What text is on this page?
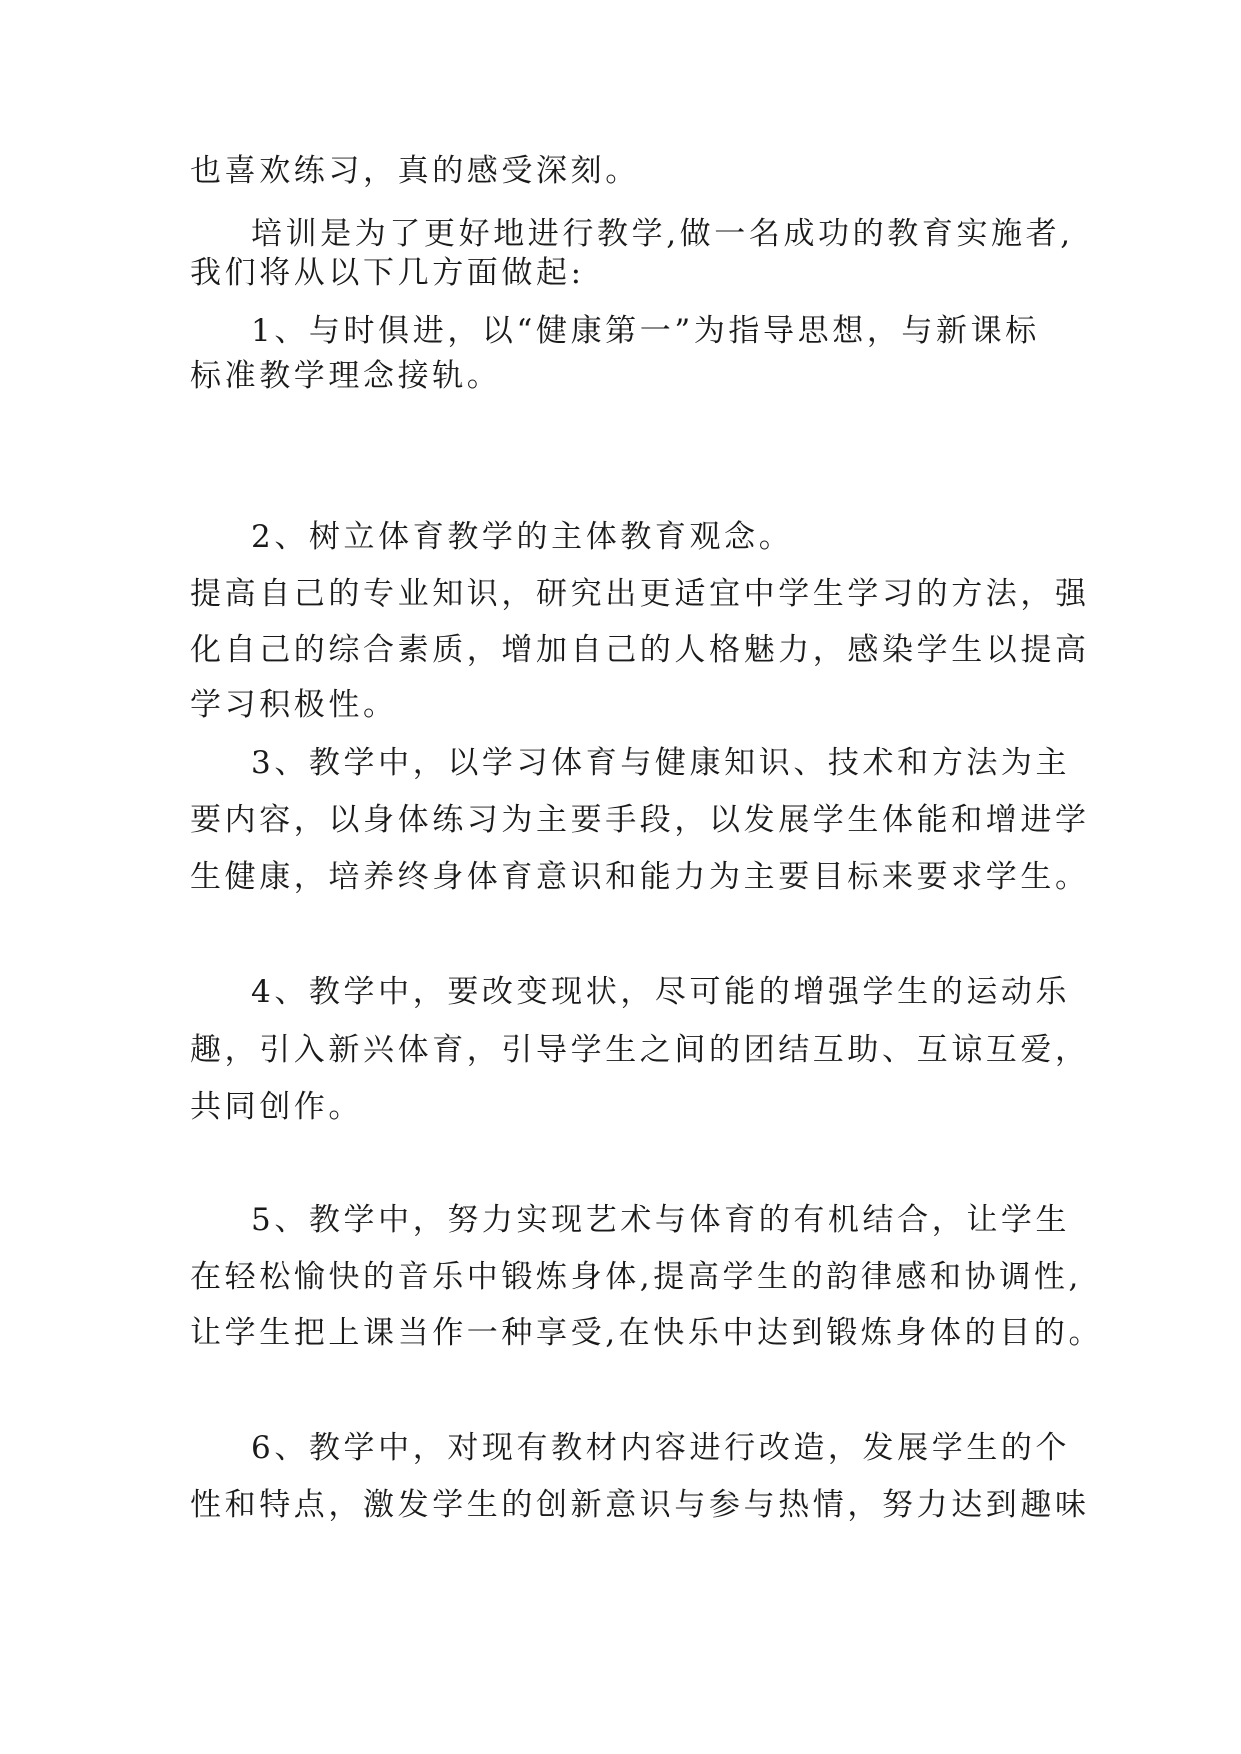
也喜欢练习，真的感受深刻。
培训是为了更好地进行教学,做一名成功的教育实施者,
我们将从以下几方面做起:
1、与时俱进，以“健康第一”为指导思想，与新课标
标准教学理念接轨。
2、树立体育教学的主体教育观念。
提高自己的专业知识，研究出更适宜中学生学习的方法，强
化自己的综合素质，增加自己的人格魅力，感染学生以提高
学习积极性。
3、教学中，以学习体育与健康知识、技术和方法为主
要内容，以身体练习为主要手段，以发展学生体能和增进学
生健康，培养终身体育意识和能力为主要目标来要求学生。
4、教学中，要改变现状，尽可能的增强学生的运动乐
趣，引入新兴体育，引导学生之间的团结互助、互谅互爱，
共同创作。
5、教学中，努力实现艺术与体育的有机结合，让学生
在轻松愉快的音乐中锻炼身体,提高学生的韵律感和协调性,
让学生把上课当作一种享受,在快乐中达到锻炼身体的目的。
6、教学中，对现有教材内容进行改造，发展学生的个
性和特点，激发学生的创新意识与参与热情，努力达到趣味
